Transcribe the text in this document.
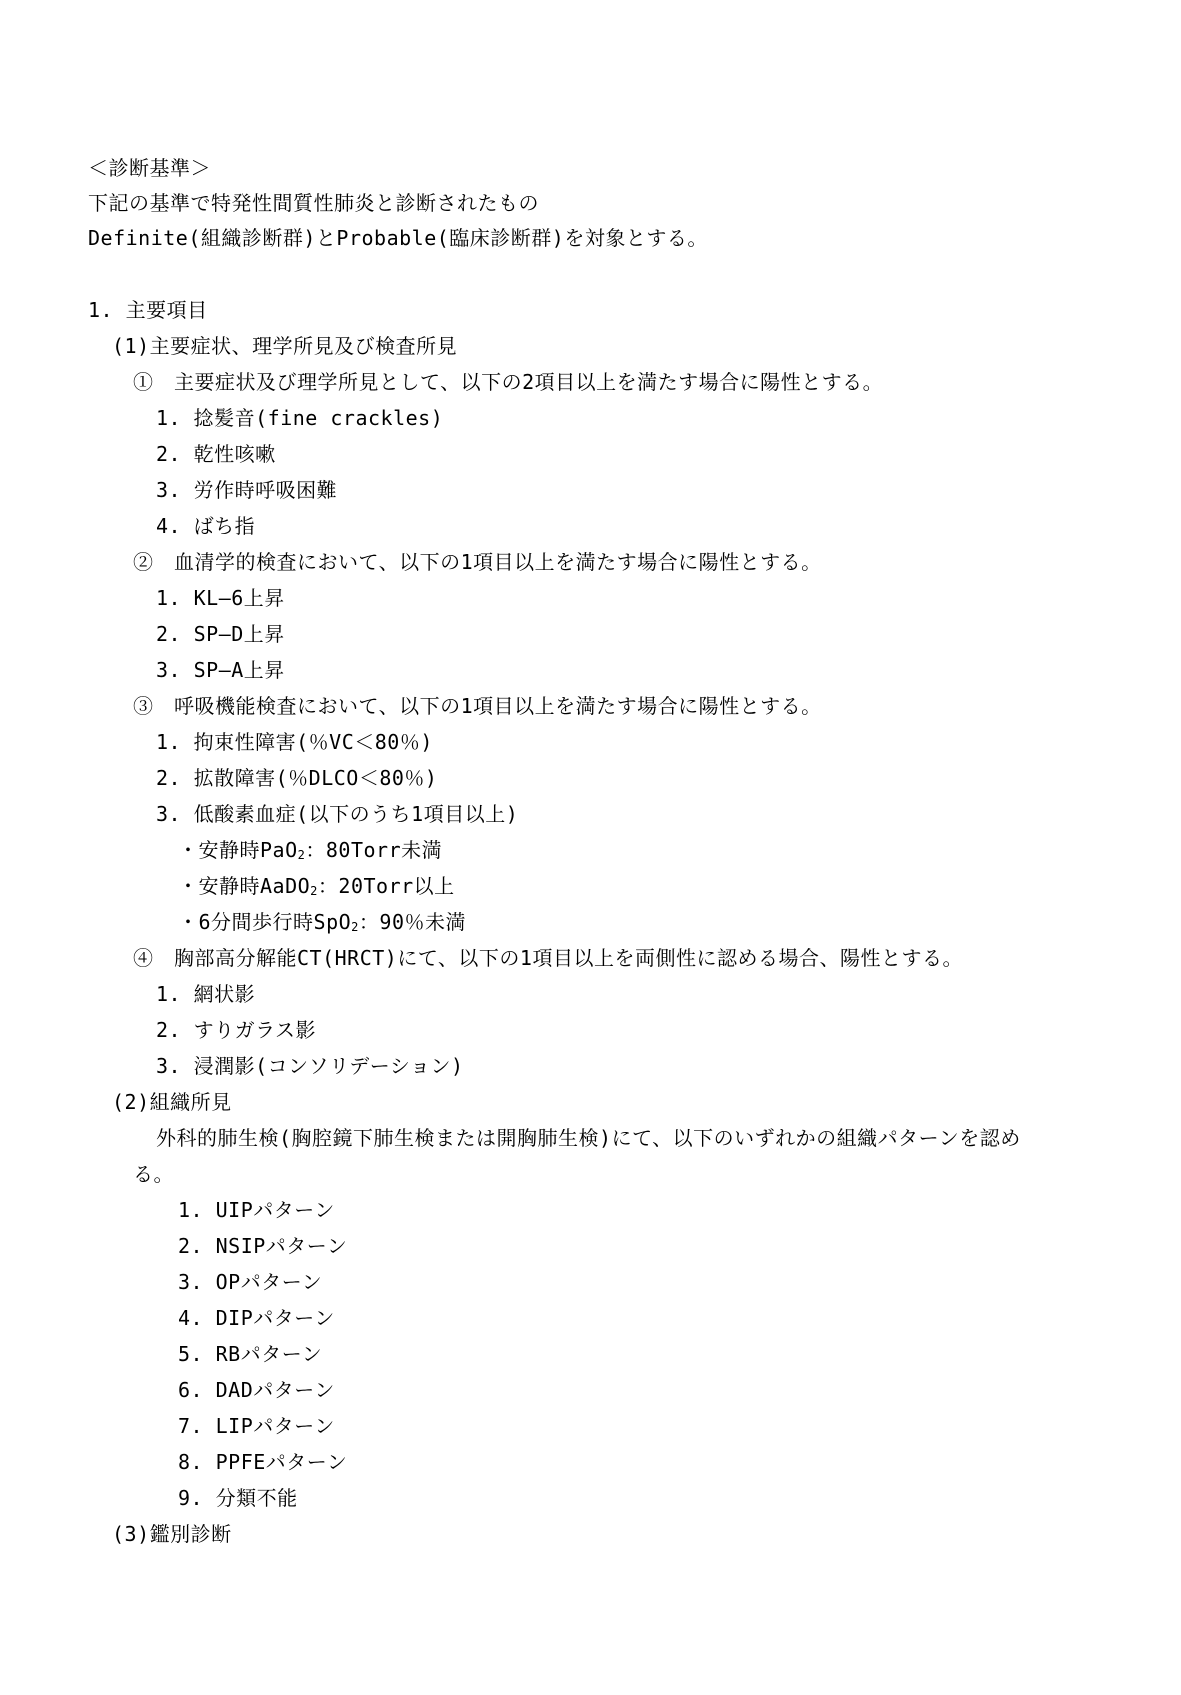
＜診断基準＞
下記の基準で特発性間質性肺炎と診断されたもの
Definite(組織診断群)とProbable(臨床診断群)を対象とする。
1. 主要項目
(1)主要症状、理学所見及び検査所見
①　主要症状及び理学所見として、以下の2項目以上を満たす場合に陽性とする。
1. 捻髪音(fine crackles)
2. 乾性咳嗽
3. 労作時呼吸困難
4. ばち指
②　血清学的検査において、以下の1項目以上を満たす場合に陽性とする。
1. KL―6上昇
2. SP―D上昇
3. SP―A上昇
③　呼吸機能検査において、以下の1項目以上を満たす場合に陽性とする。
1. 拘束性障害(％VC＜80％)
2. 拡散障害(％DLCO＜80％)
3. 低酸素血症(以下のうち1項目以上)
・安静時PaO2：80Torr未満
・安静時AaDO2：20Torr以上
・6分間歩行時SpO2：90％未満
④　胸部高分解能CT(HRCT)にて、以下の1項目以上を両側性に認める場合、陽性とする。
1. 網状影
2. すりガラス影
3. 浸潤影(コンソリデーション)
(2)組織所見
外科的肺生検(胸腔鏡下肺生検または開胸肺生検)にて、以下のいずれかの組織パターンを認め
る。
1. UIPパターン
2. NSIPパターン
3. OPパターン
4. DIPパターン
5. RBパターン
6. DADパターン
7. LIPパターン
8. PPFEパターン
9. 分類不能
(3)鑑別診断
